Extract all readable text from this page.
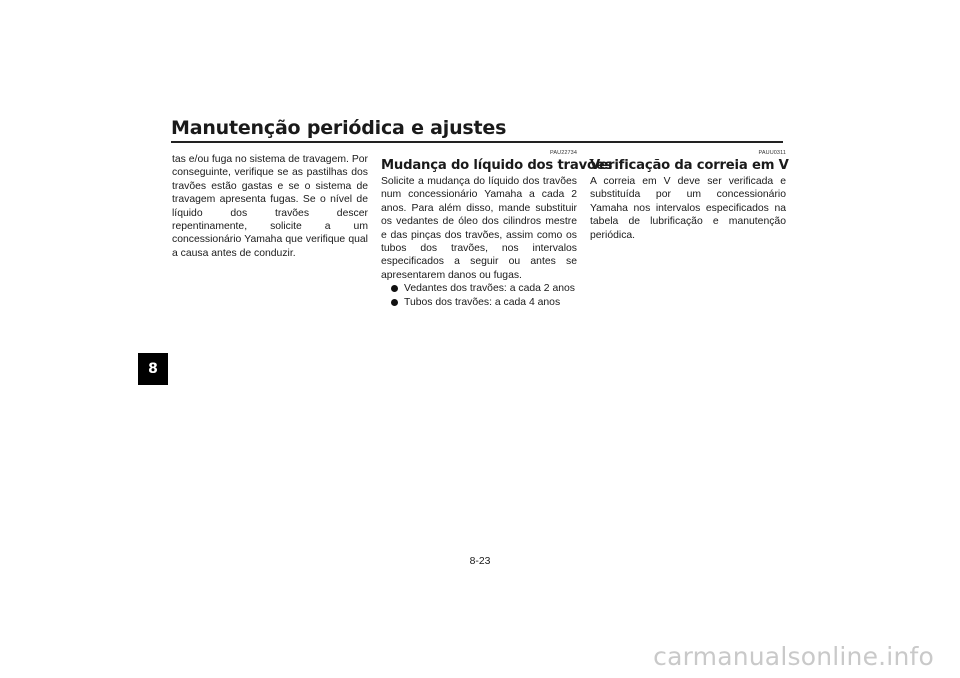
Manutenção periódica e ajustes
8

tas e/ou fuga no sistema de travagem. Por conseguinte, verifique se as pastilhas dos travões estão gastas e se o sistema de travagem apresenta fugas. Se o nível de líquido dos travões descer repentinamente, solicite a um concessionário Yamaha que verifique qual a causa antes de conduzir.

PAU22734
Mudança do líquido dos travões

Solicite a mudança do líquido dos travões num concessionário Yamaha a cada 2 anos. Para além disso, mande substituir os vedantes de óleo dos cilindros mestre e das pinças dos travões, assim como os tubos dos travões, nos intervalos especificados a seguir ou antes se apresentarem danos ou fugas.

Vedantes dos travões: a cada 2 anos
Tubos dos travões: a cada 4 anos
PAUU0311
Verificação da correia em V

A correia em V deve ser verificada e substituída por um concessionário Yamaha nos intervalos especificados na tabela de lubrificação e manutenção periódica.

8-23
carmanualsonline.info
